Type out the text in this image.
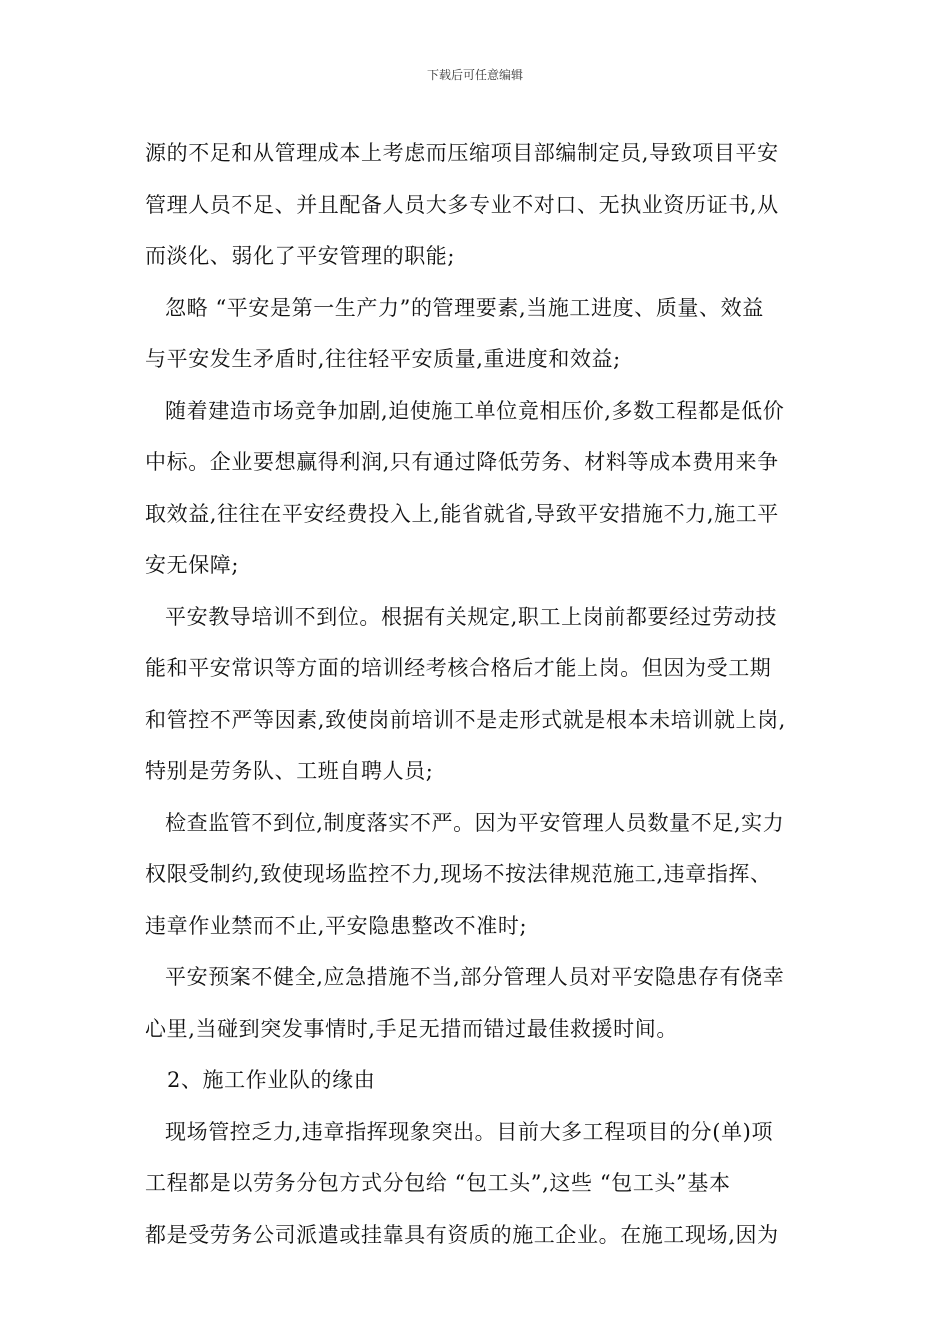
下载后可任意编辑
源的不足和从管理成本上考虑而压缩项目部编制定员,导致项目平安
管理人员不足、并且配备人员大多专业不对口、无执业资历证书,从
而淡化、弱化了平安管理的职能;
忽略 “平安是第一生产力”的管理要素,当施工进度、质量、效益
与平安发生矛盾时,往往轻平安质量,重进度和效益;
随着建造市场竞争加剧,迫使施工单位竟相压价,多数工程都是低价
中标。企业要想赢得利润,只有通过降低劳务、材料等成本费用来争
取效益,往往在平安经费投入上,能省就省,导致平安措施不力,施工平
安无保障;
平安教导培训不到位。根据有关规定,职工上岗前都要经过劳动技
能和平安常识等方面的培训经考核合格后才能上岗。但因为受工期
和管控不严等因素,致使岗前培训不是走形式就是根本未培训就上岗,
特别是劳务队、工班自聘人员;
检查监管不到位,制度落实不严。因为平安管理人员数量不足,实力
权限受制约,致使现场监控不力,现场不按法律规范施工,违章指挥、
违章作业禁而不止,平安隐患整改不准时;
平安预案不健全,应急措施不当,部分管理人员对平安隐患存有侥幸
心里,当碰到突发事情时,手足无措而错过最佳救援时间。
2、施工作业队的缘由
现场管控乏力,违章指挥现象突出。目前大多工程项目的分(单)项
工程都是以劳务分包方式分包给 “包工头”,这些 “包工头”基本
都是受劳务公司派遣或挂靠具有资质的施工企业。在施工现场,因为
